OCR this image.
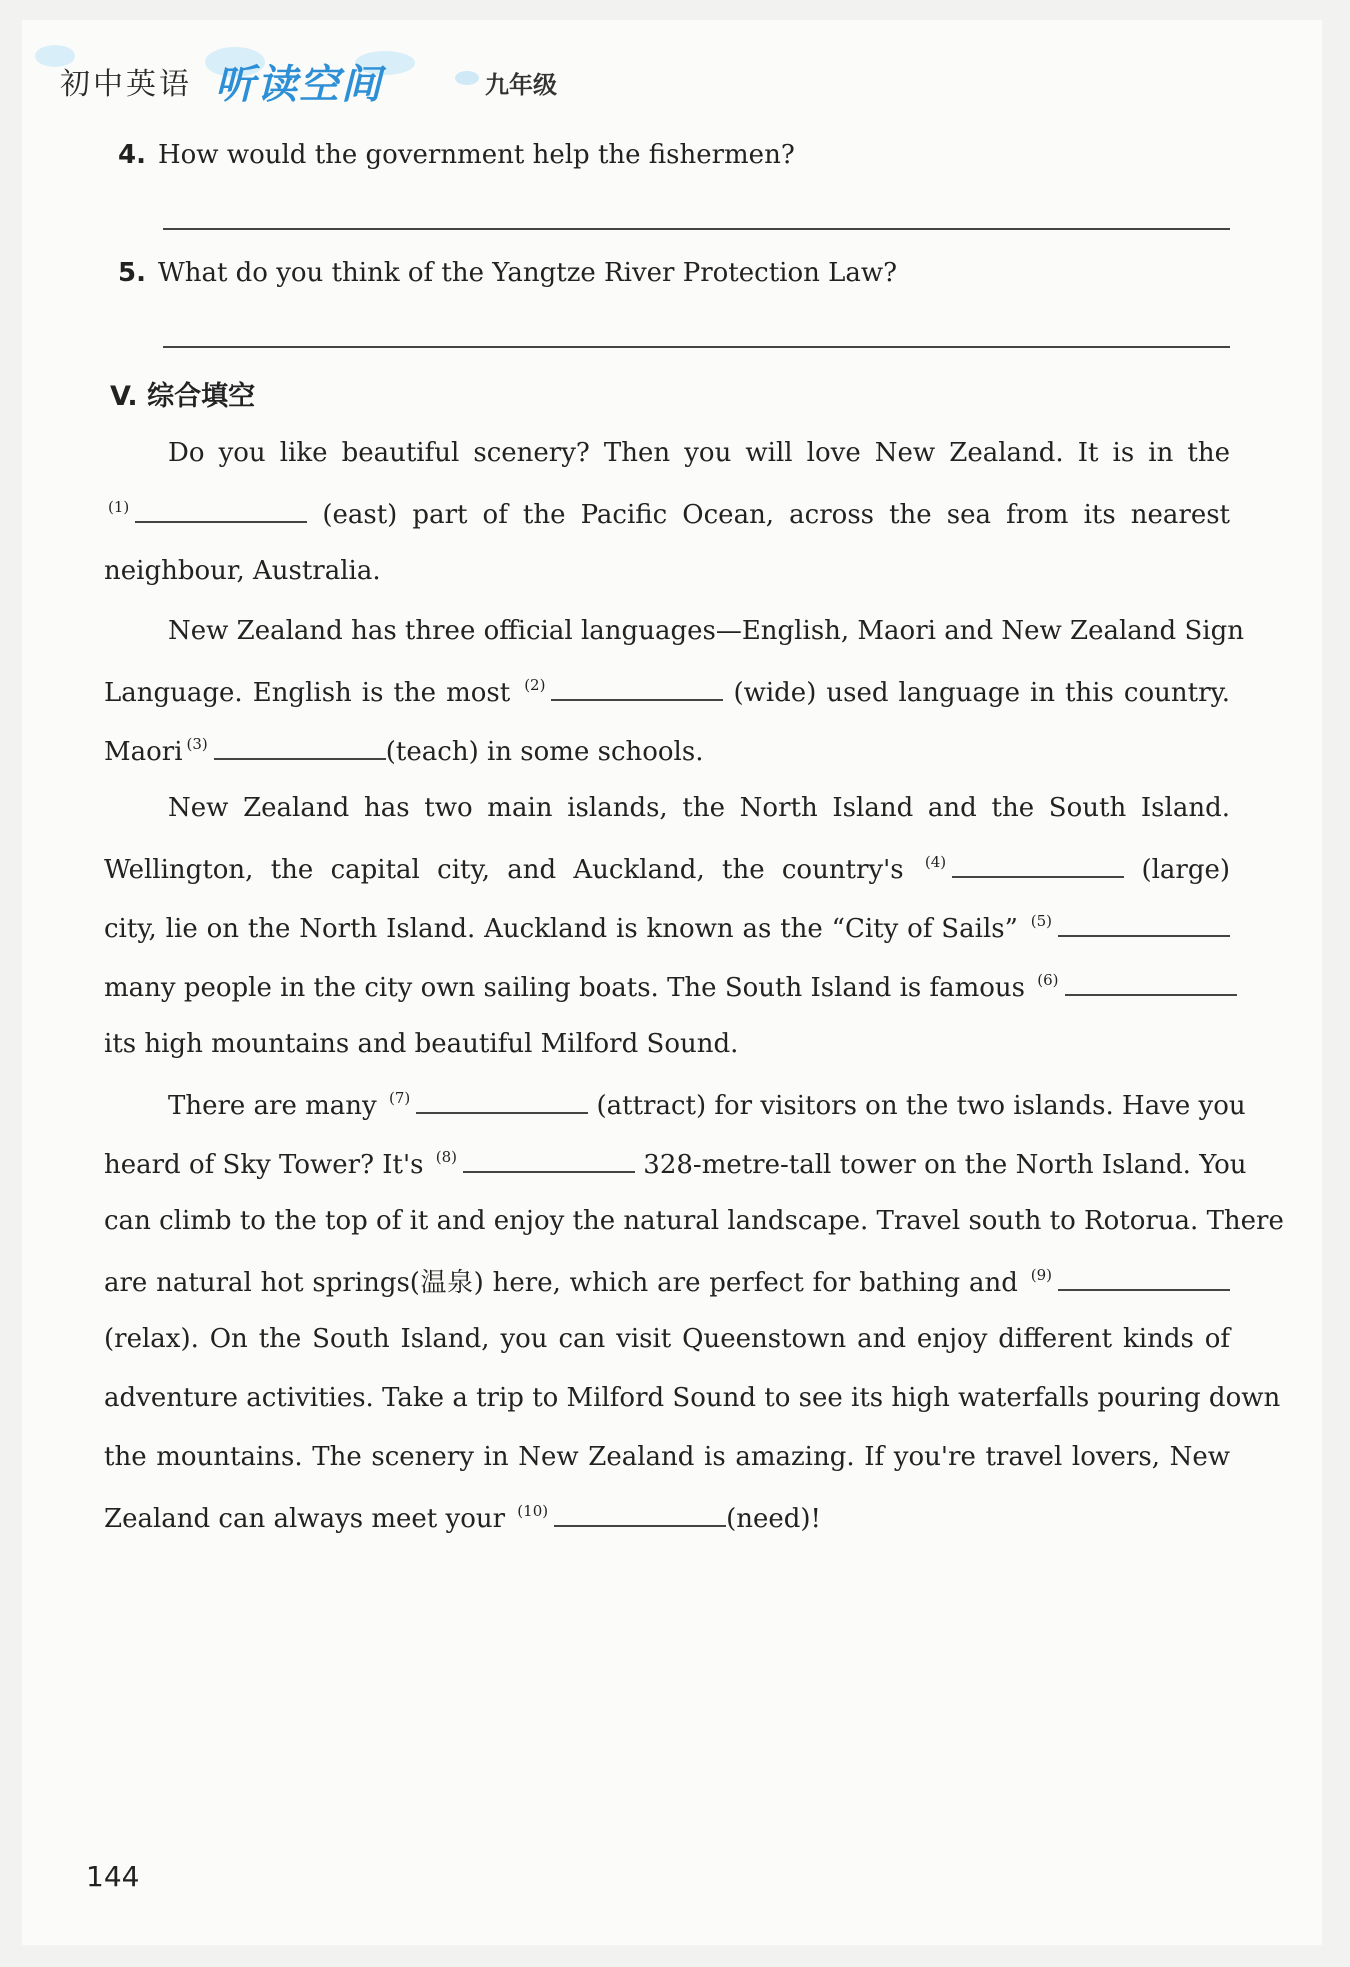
初中英语 听读空间	九年级
4. How would the government help the fishermen?
5. What do you think of the Yangtze River Protection Law?
V. 综合填空
Do you like beautiful scenery? Then you will love New Zealand. It is in the
$^{(1)}$	(east) part of the Pacific Ocean, across the sea from its nearest
neighbour, Australia.
New Zealand has three official languages—English, Maori and New Zealand Sign
Language. English is the most $^{(2)}$	(wide) used language in this country.
Maori $^{(3)}$	(teach) in some schools.
New Zealand has two main islands, the North Island and the South Island.
Wellington, the capital city, and Auckland, the country's $^{(4)}$	(large)
city, lie on the North Island. Auckland is known as the “City of Sails” $^{(5)}$
many people in the city own sailing boats. The South Island is famous $^{(6)}$
its high mountains and beautiful Milford Sound.
There are many $^{(7)}$	(attract) for visitors on the two islands. Have you
heard of Sky Tower? It's $^{(8)}$	328-metre-tall tower on the North Island. You
can climb to the top of it and enjoy the natural landscape. Travel south to Rotorua. There
are natural hot springs(温泉) here, which are perfect for bathing and $^{(9)}$
(relax). On the South Island, you can visit Queenstown and enjoy different kinds of
adventure activities. Take a trip to Milford Sound to see its high waterfalls pouring down
the mountains. The scenery in New Zealand is amazing. If you're travel lovers, New
Zealand can always meet your $^{(10)}$	(need)!
144
